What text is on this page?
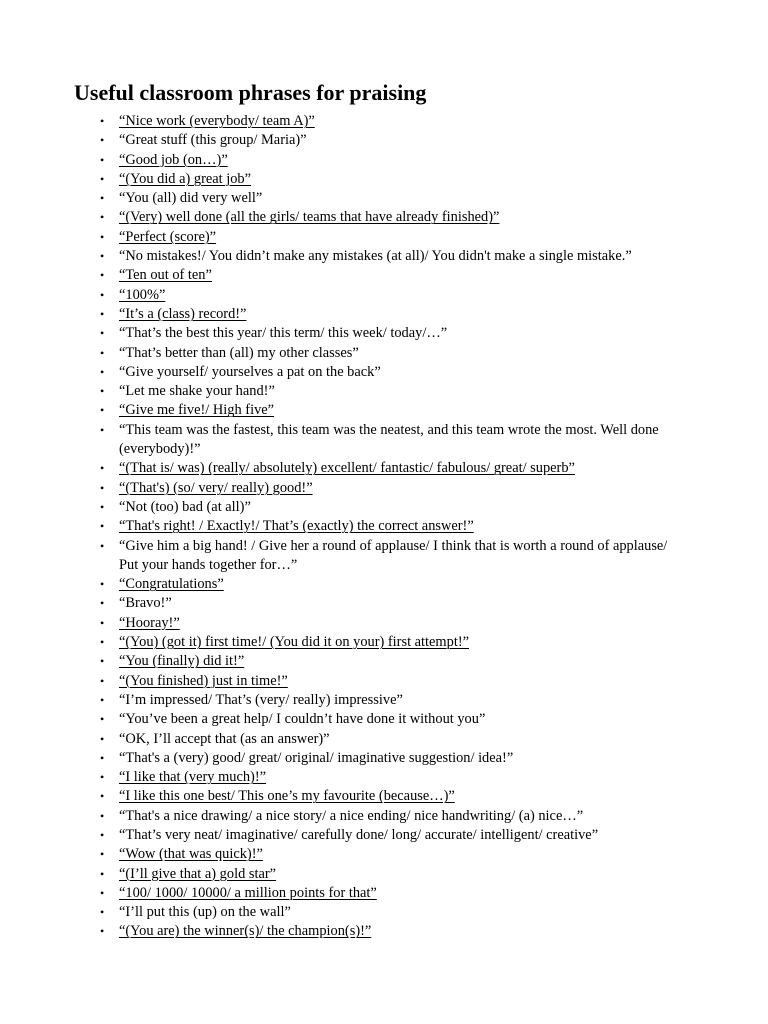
Useful classroom phrases for praising
• “Nice work (everybody/ team A)”
• “Great stuff (this group/ Maria)”
• “Good job (on…)”
• “(You did a) great job”
• “You (all) did very well”
• “(Very) well done (all the girls/ teams that have already finished)”
• “Perfect (score)”
• “No mistakes!/ You didn’t make any mistakes (at all)/ You didn't make a single mistake.”
• “Ten out of ten”
• “100%”
• “It’s a (class) record!”
• “That’s the best this year/ this term/ this week/ today/…”
• “That’s better than (all) my other classes”
• “Give yourself/ yourselves a pat on the back”
• “Let me shake your hand!”
• “Give me five!/ High five”
• “This team was the fastest, this team was the neatest, and this team wrote the most. Well done (everybody)!”
• “(That is/ was) (really/ absolutely) excellent/ fantastic/ fabulous/ great/ superb”
• “(That's) (so/ very/ really) good!”
• “Not (too) bad (at all)”
• “That's right! / Exactly!/ That’s (exactly) the correct answer!”
• “Give him a big hand! / Give her a round of applause/ I think that is worth a round of applause/ Put your hands together for…”
• “Congratulations”
• “Bravo!”
• “Hooray!”
• “(You) (got it) first time!/ (You did it on your) first attempt!”
• “You (finally) did it!”
• “(You finished) just in time!”
• “I’m impressed/ That’s (very/ really) impressive”
• “You’ve been a great help/ I couldn’t have done it without you”
• “OK, I’ll accept that (as an answer)”
• “That's a (very) good/ great/ original/ imaginative suggestion/ idea!”
• “I like that (very much)!”
• “I like this one best/ This one’s my favourite (because…)”
• “That's a nice drawing/ a nice story/ a nice ending/ nice handwriting/ (a) nice…”
• “That’s very neat/ imaginative/ carefully done/ long/ accurate/ intelligent/ creative”
• “Wow (that was quick)!”
• “(I’ll give that a) gold star”
• “100/ 1000/ 10000/ a million points for that”
• “I’ll put this (up) on the wall”
• “(You are) the winner(s)/ the champion(s)!”
